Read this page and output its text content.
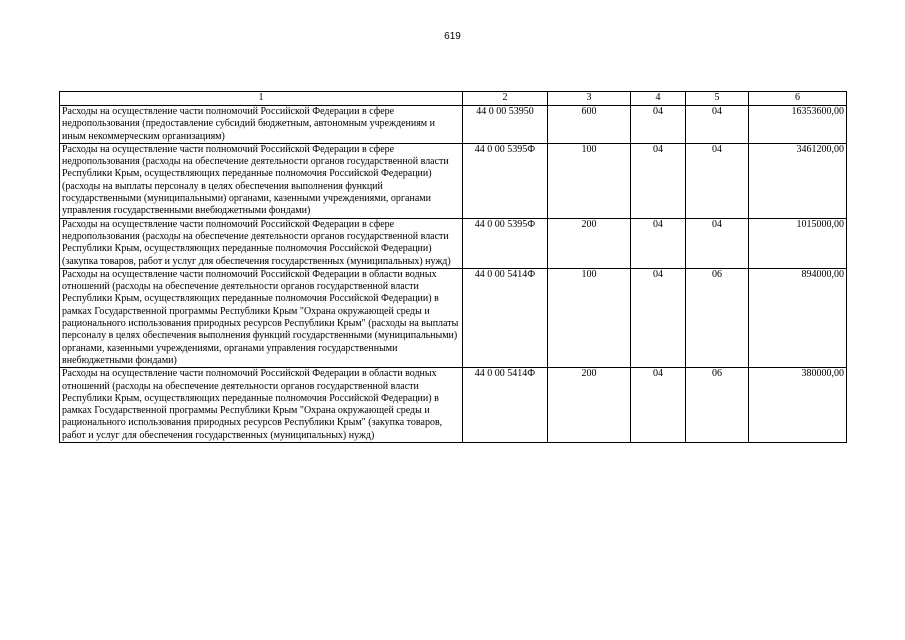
619
1	2	3	4	5	6
Расходы на осуществление части полномочий Российской Федерации в сфере недропользования (предоставление субсидий бюджетным, автономным учреждениям и иным некоммерческим организациям)	44 0 00 53950	600	04	04	16353600,00
Расходы на осуществление части полномочий Российской Федерации в сфере недропользования (расходы на обеспечение деятельности органов государственной власти Республики Крым, осуществляющих переданные полномочия Российской Федерации) (расходы на выплаты персоналу в целях обеспечения выполнения функций государственными (муниципальными) органами, казенными учреждениями, органами управления государственными внебюджетными фондами)	44 0 00 5395Ф	100	04	04	3461200,00
Расходы на осуществление части полномочий Российской Федерации в сфере недропользования (расходы на обеспечение деятельности органов государственной власти Республики Крым, осуществляющих переданные полномочия Российской Федерации) (закупка товаров, работ и услуг для обеспечения государственных (муниципальных) нужд)	44 0 00 5395Ф	200	04	04	1015000,00
Расходы на осуществление части полномочий Российской Федерации в области водных отношений (расходы на обеспечение деятельности органов государственной власти Республики Крым, осуществляющих переданные полномочия Российской Федерации) в рамках Государственной программы Республики Крым "Охрана окружающей среды и рационального использования природных ресурсов Республики Крым" (расходы на выплаты персоналу в целях обеспечения выполнения функций государственными (муниципальными) органами, казенными учреждениями, органами управления государственными внебюджетными фондами)	44 0 00 5414Ф	100	04	06	894000,00
Расходы на осуществление части полномочий Российской Федерации в области водных отношений (расходы на обеспечение деятельности органов государственной власти Республики Крым, осуществляющих переданные полномочия Российской Федерации) в рамках Государственной программы Республики Крым "Охрана окружающей среды и рационального использования природных ресурсов Республики Крым" (закупка товаров, работ и услуг для обеспечения государственных (муниципальных) нужд)	44 0 00 5414Ф	200	04	06	380000,00
